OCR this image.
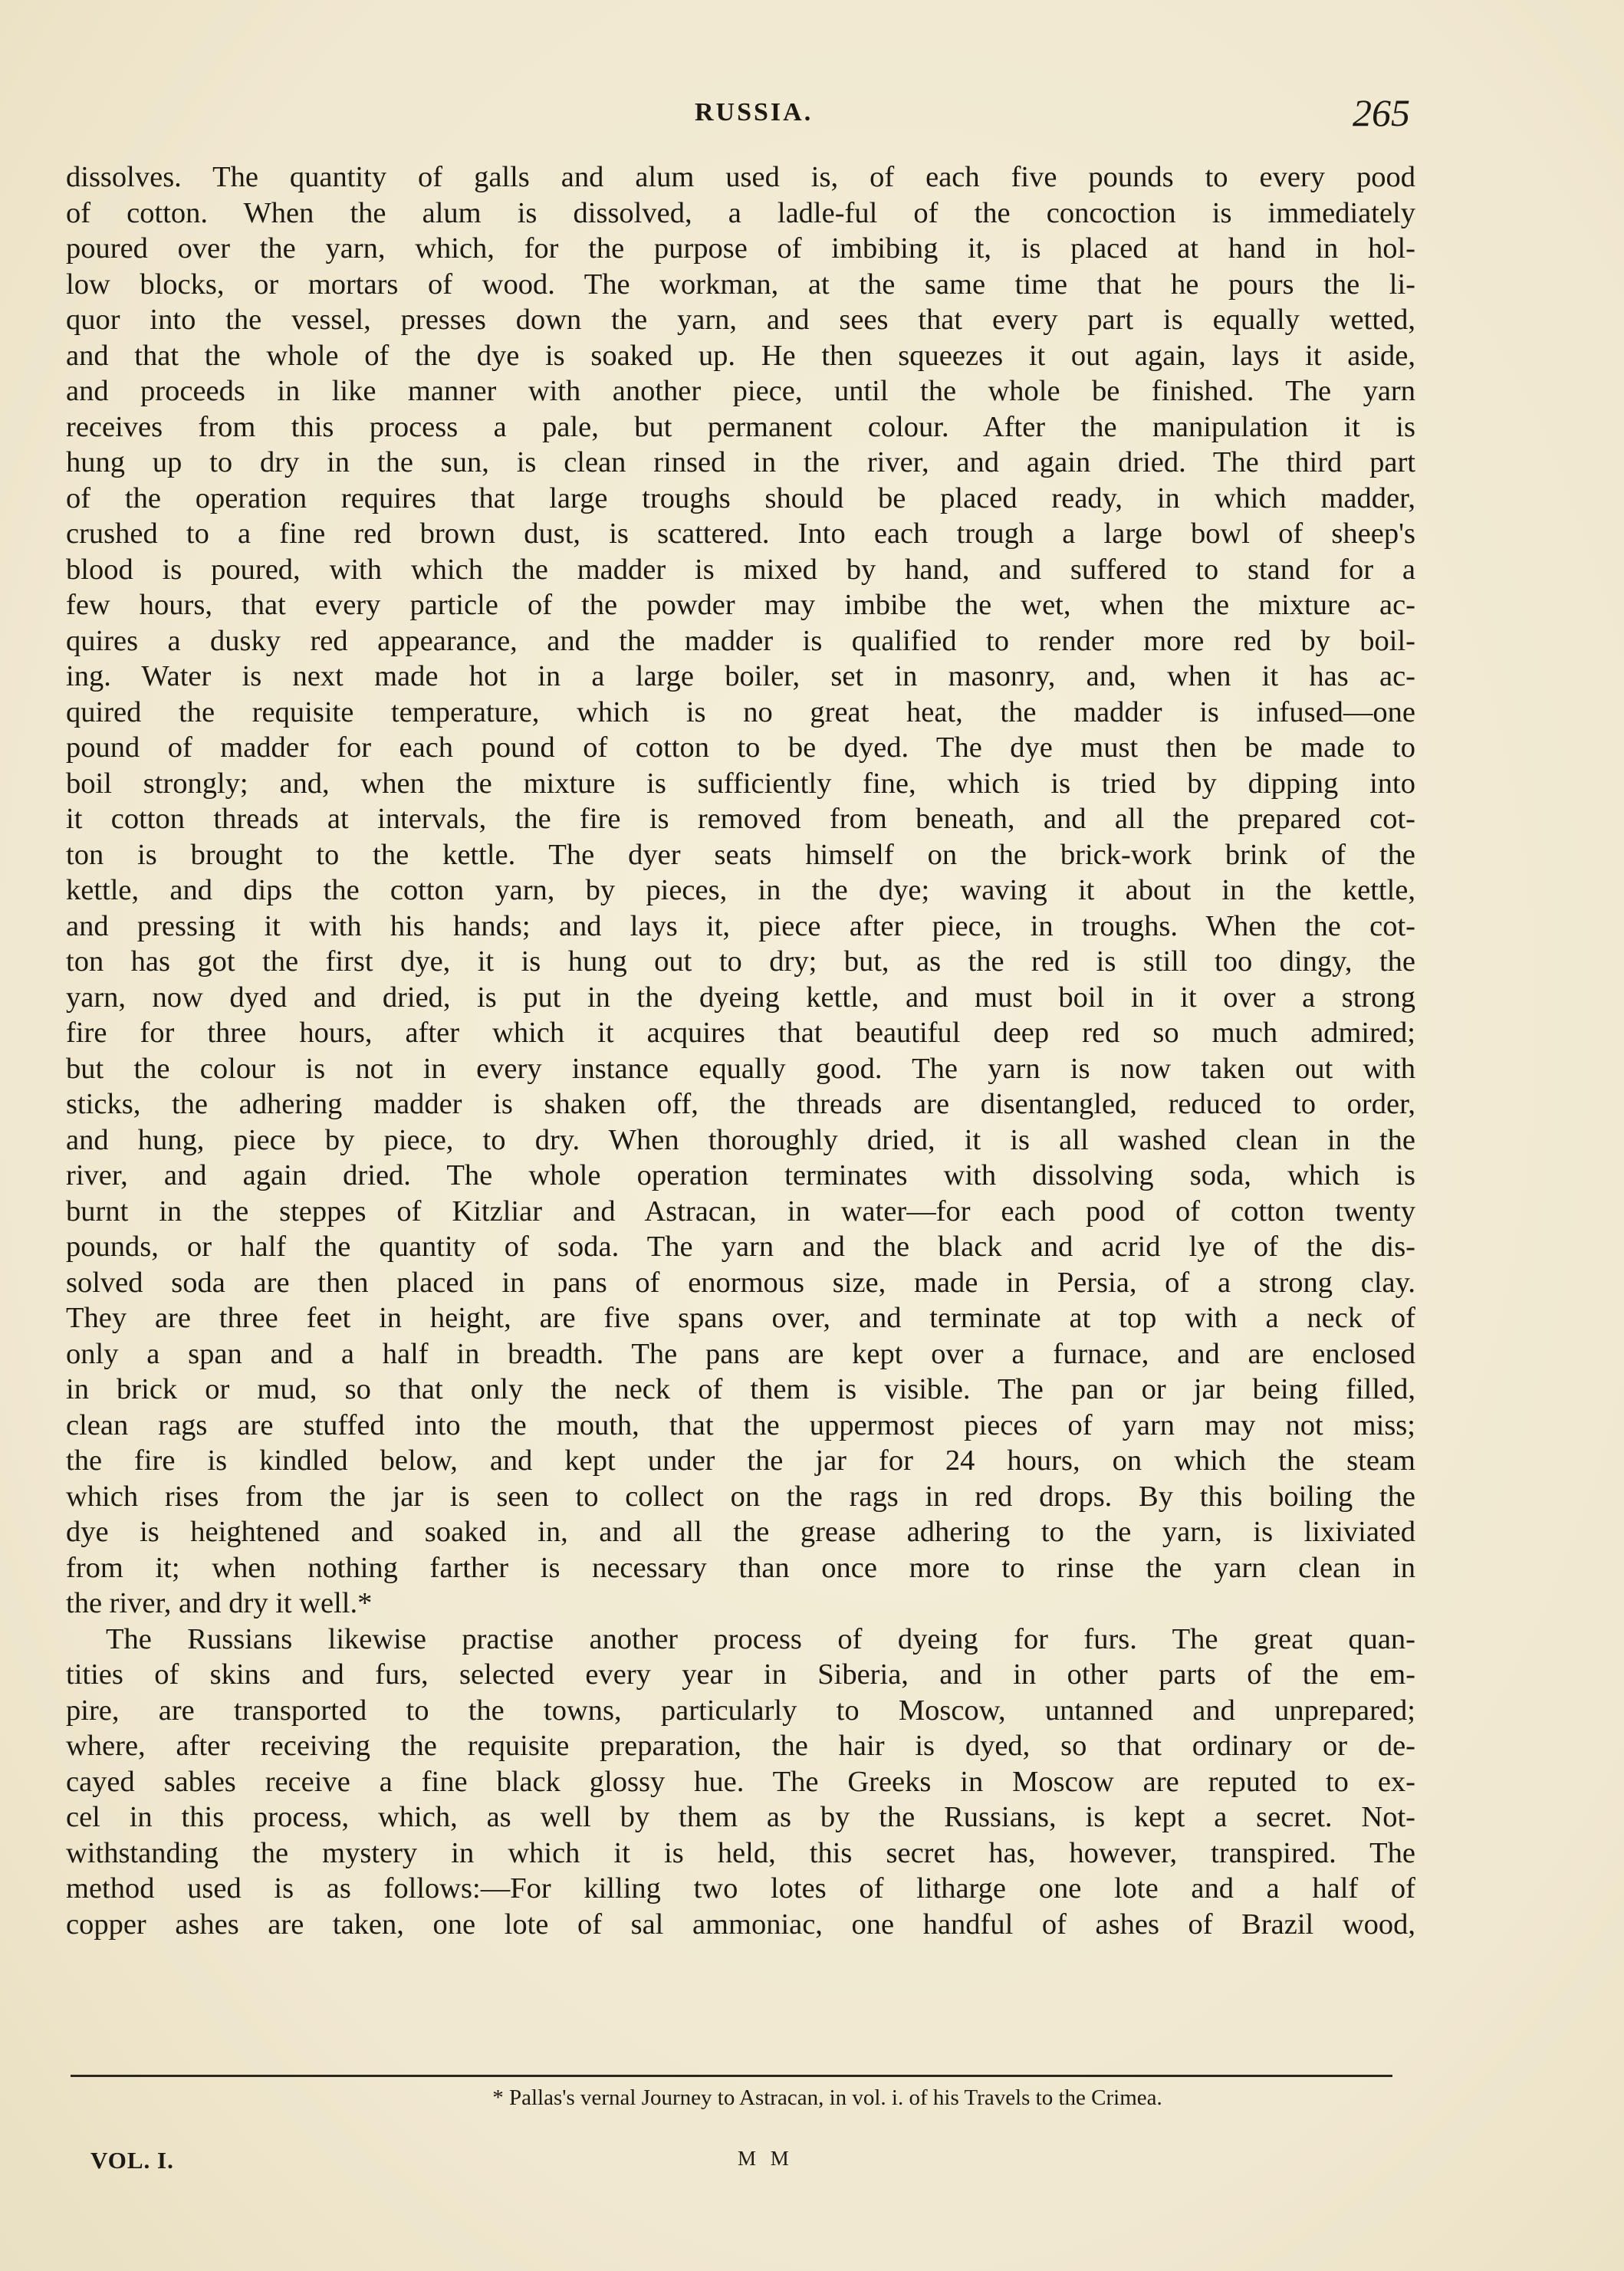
RUSSIA.	265
dissolves. The quantity of galls and alum used is, of each five pounds to every pood
of cotton. When the alum is dissolved, a ladle-ful of the concoction is immediately
poured over the yarn, which, for the purpose of imbibing it, is placed at hand in hol-
low blocks, or mortars of wood. The workman, at the same time that he pours the li-
quor into the vessel, presses down the yarn, and sees that every part is equally wetted,
and that the whole of the dye is soaked up. He then squeezes it out again, lays it aside,
and proceeds in like manner with another piece, until the whole be finished. The yarn
receives from this process a pale, but permanent colour. After the manipulation it is
hung up to dry in the sun, is clean rinsed in the river, and again dried. The third part
of the operation requires that large troughs should be placed ready, in which madder,
crushed to a fine red brown dust, is scattered. Into each trough a large bowl of sheep's
blood is poured, with which the madder is mixed by hand, and suffered to stand for a
few hours, that every particle of the powder may imbibe the wet, when the mixture ac-
quires a dusky red appearance, and the madder is qualified to render more red by boil-
ing. Water is next made hot in a large boiler, set in masonry, and, when it has ac-
quired the requisite temperature, which is no great heat, the madder is infused—one
pound of madder for each pound of cotton to be dyed. The dye must then be made to
boil strongly; and, when the mixture is sufficiently fine, which is tried by dipping into
it cotton threads at intervals, the fire is removed from beneath, and all the prepared cot-
ton is brought to the kettle. The dyer seats himself on the brick-work brink of the
kettle, and dips the cotton yarn, by pieces, in the dye; waving it about in the kettle,
and pressing it with his hands; and lays it, piece after piece, in troughs. When the cot-
ton has got the first dye, it is hung out to dry; but, as the red is still too dingy, the
yarn, now dyed and dried, is put in the dyeing kettle, and must boil in it over a strong
fire for three hours, after which it acquires that beautiful deep red so much admired;
but the colour is not in every instance equally good. The yarn is now taken out with
sticks, the adhering madder is shaken off, the threads are disentangled, reduced to order,
and hung, piece by piece, to dry. When thoroughly dried, it is all washed clean in the
river, and again dried. The whole operation terminates with dissolving soda, which is
burnt in the steppes of Kitzliar and Astracan, in water—for each pood of cotton twenty
pounds, or half the quantity of soda. The yarn and the black and acrid lye of the dis-
solved soda are then placed in pans of enormous size, made in Persia, of a strong clay.
They are three feet in height, are five spans over, and terminate at top with a neck of
only a span and a half in breadth. The pans are kept over a furnace, and are enclosed
in brick or mud, so that only the neck of them is visible. The pan or jar being filled,
clean rags are stuffed into the mouth, that the uppermost pieces of yarn may not miss;
the fire is kindled below, and kept under the jar for 24 hours, on which the steam
which rises from the jar is seen to collect on the rags in red drops. By this boiling the
dye is heightened and soaked in, and all the grease adhering to the yarn, is lixiviated
from it; when nothing farther is necessary than once more to rinse the yarn clean in
the river, and dry it well.*
The Russians likewise practise another process of dyeing for furs. The great quan-
tities of skins and furs, selected every year in Siberia, and in other parts of the em-
pire, are transported to the towns, particularly to Moscow, untanned and unprepared;
where, after receiving the requisite preparation, the hair is dyed, so that ordinary or de-
cayed sables receive a fine black glossy hue. The Greeks in Moscow are reputed to ex-
cel in this process, which, as well by them as by the Russians, is kept a secret. Not-
withstanding the mystery in which it is held, this secret has, however, transpired. The
method used is as follows:—For killing two lotes of litharge one lote and a half of
copper ashes are taken, one lote of sal ammoniac, one handful of ashes of Brazil wood,
* Pallas's vernal Journey to Astracan, in vol. i. of his Travels to the Crimea.
VOL. I.	M M
